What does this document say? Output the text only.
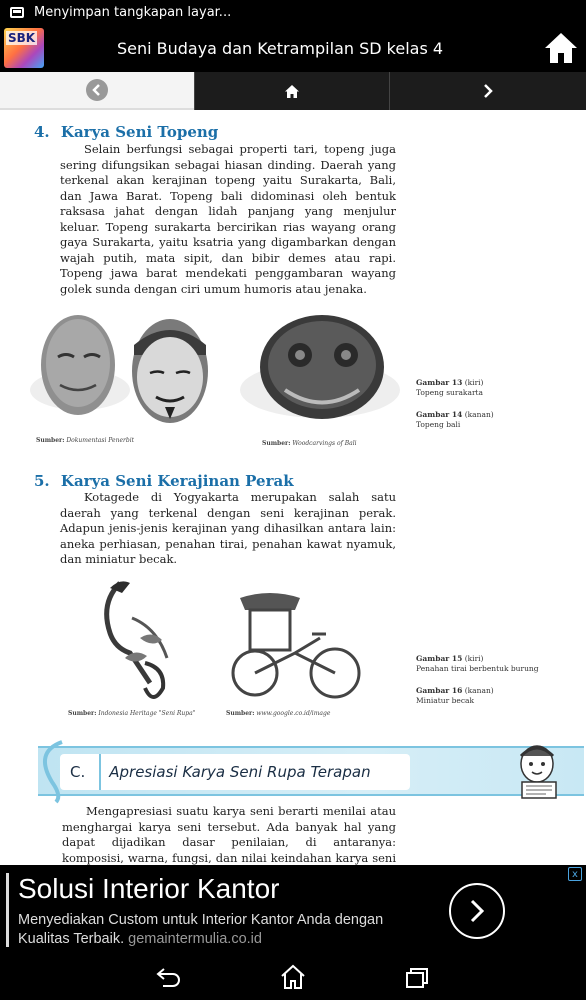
Menyimpan tangkapan layar...
SBK
Seni Budaya dan Ketrampilan SD kelas 4
4. Karya Seni Topeng

Selain berfungsi sebagai properti tari, topeng juga sering difungsikan sebagai hiasan dinding. Daerah yang terkenal akan kerajinan topeng yaitu Surakarta, Bali, dan Jawa Barat. Topeng bali didominasi oleh bentuk raksasa jahat dengan lidah panjang yang menjulur keluar. Topeng surakarta bercirikan rias wayang orang gaya Surakarta, yaitu ksatria yang digambarkan dengan wajah putih, mata sipit, dan bibir demes atau rapi. Topeng jawa barat mendekati penggambaran wayang golek sunda dengan ciri umum humoris atau jenaka.

Sumber: Dokumentasi Penerbit	Sumber: Woodcarvings of Bali
Gambar 13 (kiri)
Topeng surakarta
Gambar 14 (kanan)
Topeng bali
5. Karya Seni Kerajinan Perak

Kotagede di Yogyakarta merupakan salah satu daerah yang terkenal dengan seni kerajinan perak. Adapun jenis-jenis kerajinan yang dihasilkan antara lain: aneka perhiasan, penahan tirai, penahan kawat nyamuk, dan miniatur becak.

Sumber: Indonesia Heritage "Seni Rupa"	Sumber: www.google.co.id/image
Gambar 15 (kiri)
Penahan tirai berbentuk burung
Gambar 16 (kanan)
Miniatur becak
C.	Apresiasi Karya Seni Rupa Terapan

Mengapresiasi suatu karya seni berarti menilai atau menghargai karya seni tersebut. Ada banyak hal yang dapat dijadikan dasar penilaian, di antaranya: komposisi, warna, fungsi, dan nilai keindahan karya seni

Solusi Interior Kantor
Menyediakan Custom untuk Interior Kantor Anda dengan Kualitas Terbaik. gemaintermulia.co.id
x
